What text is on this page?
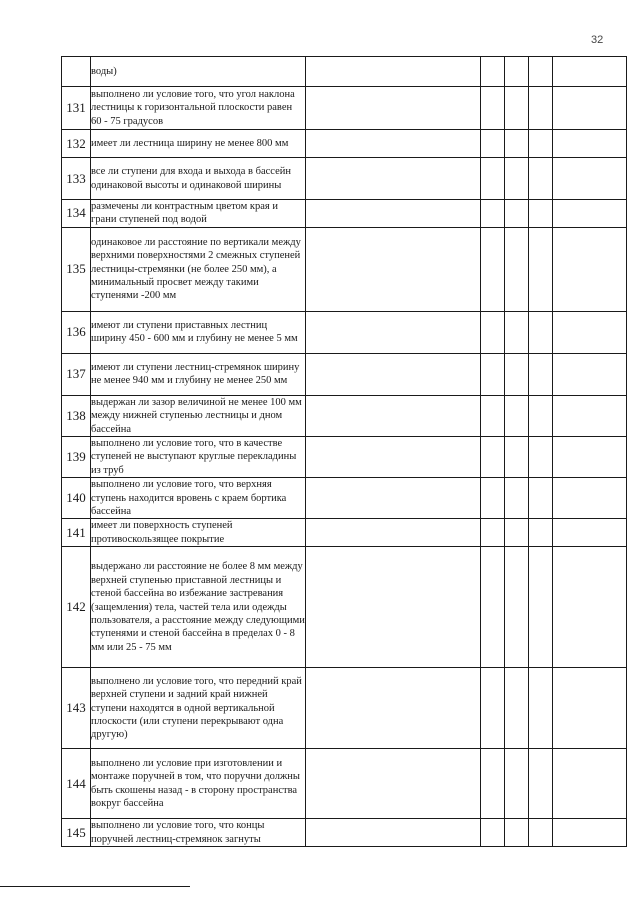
32
	воды)					
131	выполнено ли условие того, что угол наклона лестницы к горизонтальной плоскости равен 60 - 75 градусов					
132	имеет ли лестница ширину не менее 800 мм					
133	все ли ступени для входа и выхода в бассейн одинаковой высоты и одинаковой ширины					
134	размечены ли контрастным цветом края и грани ступеней под водой					
135	одинаковое ли расстояние по вертикали между верхними поверхностями 2 смежных ступеней лестницы-стремянки (не более 250 мм), а минимальный просвет между такими ступенями -200 мм					
136	имеют ли ступени приставных лестниц ширину 450 - 600 мм и глубину не менее 5 мм					
137	имеют ли ступени лестниц-стремянок ширину не менее 940 мм и глубину не менее 250 мм					
138	выдержан ли зазор величиной не менее 100 мм между нижней ступенью лестницы и дном бассейна					
139	выполнено ли условие того, что в качестве ступеней не выступают круглые перекладины из труб					
140	выполнено ли условие того, что верхняя ступень находится вровень с краем бортика бассейна					
141	имеет ли поверхность ступеней противоскользящее покрытие					
142	выдержано ли расстояние не более 8 мм между верхней ступенью приставной лестницы и стеной бассейна во избежание застревания (защемления) тела, частей тела или одежды пользователя, а расстояние между следующими ступенями и стеной бассейна в пределах 0 - 8 мм или 25 - 75 мм					
143	выполнено ли условие того, что передний край верхней ступени и задний край нижней ступени находятся в одной вертикальной плоскости (или ступени перекрывают одна другую)					
144	выполнено ли условие при изготовлении и монтаже поручней в том, что поручни должны быть скошены назад - в сторону пространства вокруг бассейна					
145	выполнено ли условие того, что концы поручней лестниц-стремянок загнуты					
